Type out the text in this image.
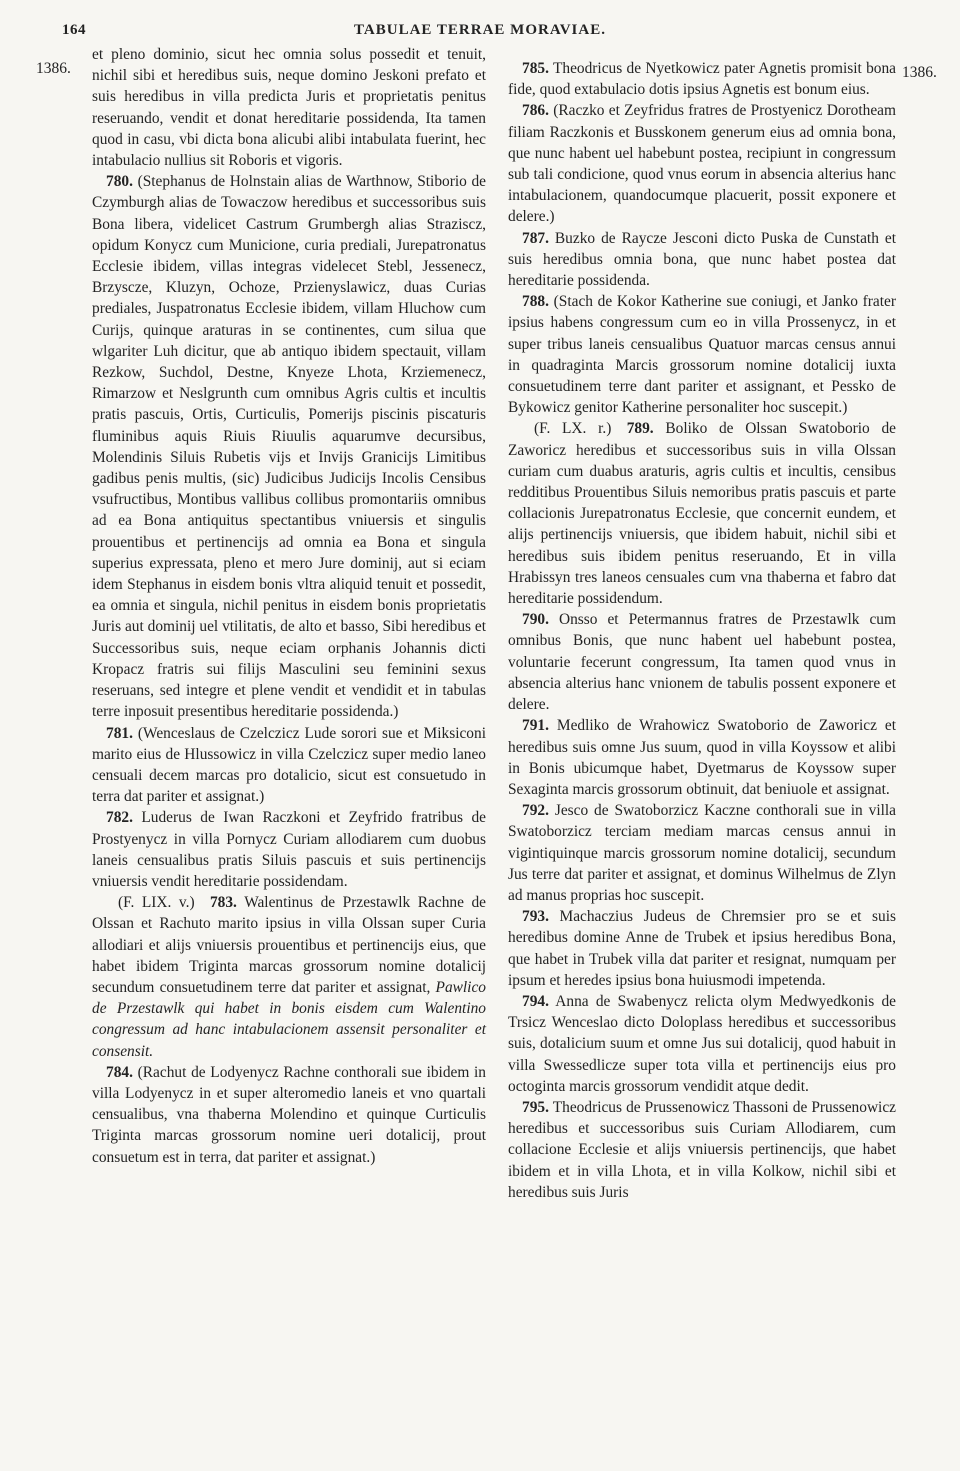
164	TABULAE TERRAE MORAVIAE.
1386.	1386.

et pleno dominio, sicut hec omnia solus possedit et tenuit, nichil sibi et heredibus suis, neque domino Jeskoni prefato et suis heredibus in villa predicta Juris et proprietatis penitus reseruando, vendit et donat hereditarie possidenda, Ita tamen quod in casu, vbi dicta bona alicubi alibi intabulata fuerint, hec intabulacio nullius sit Roboris et vigoris.

780. (Stephanus de Holnstain alias de Warthnow, Stiborio de Czymburgh alias de Towaczow heredibus et successoribus suis Bona libera, videlicet Castrum Grumbergh alias Straziscz, opidum Konycz cum Municione, curia prediali, Jurepatronatus Ecclesie ibidem, villas integras videlecet Stebl, Jessenecz, Brzyscze, Kluzyn, Ochoze, Przienyslawicz, duas Curias prediales, Juspatronatus Ecclesie ibidem, villam Hluchow cum Curijs, quinque araturas in se continentes, cum silua que wlgariter Luh dicitur, que ab antiquo ibidem spectauit, villam Rezkow, Suchdol, Destne, Knyeze Lhota, Krziemenecz, Rimarzow et Neslgrunth cum omnibus Agris cultis et incultis pratis pascuis, Ortis, Curticulis, Pomerijs piscinis piscaturis fluminibus aquis Riuis Riuulis aquarumve decursibus, Molendinis Siluis Rubetis vijs et Invijs Granicijs Limitibus gadibus penis multis, (sic) Judicibus Judicijs Incolis Censibus vsufructibus, Montibus vallibus collibus promontariis omnibus ad ea Bona antiquitus spectantibus vniuersis et singulis prouentibus et pertinencijs ad omnia ea Bona et singula superius expressata, pleno et mero Jure dominij, aut si eciam idem Stephanus in eisdem bonis vltra aliquid tenuit et possedit, ea omnia et singula, nichil penitus in eisdem bonis proprietatis Juris aut dominij uel vtilitatis, de alto et basso, Sibi heredibus et Successoribus suis, neque eciam orphanis Johannis dicti Kropacz fratris sui filijs Masculini seu feminini sexus reseruans, sed integre et plene vendit et vendidit et in tabulas terre inposuit presentibus hereditarie possidenda.)

781. (Wenceslaus de Czelczicz Lude sorori sue et Miksiconi marito eius de Hlussowicz in villa Czelczicz super medio laneo censuali decem marcas pro dotalicio, sicut est consuetudo in terra dat pariter et assignat.)

782. Luderus de Iwan Raczkoni et Zeyfrido fratribus de Prostyenycz in villa Pornycz Curiam allodiarem cum duobus laneis censualibus pratis Siluis pascuis et suis pertinencijs vniuersis vendit hereditarie possidendam.

(F. LIX. v.)  783. Walentinus de Przestawlk Rachne de Olssan et Rachuto marito ipsius in villa Olssan super Curia allodiari et alijs vniuersis prouentibus et pertinencijs eius, que habet ibidem Triginta marcas grossorum nomine dotalicij secundum consuetudinem terre dat pariter et assignat, Pawlico de Przestawlk qui habet in bonis eisdem cum Walentino congressum ad hanc intabulacionem assensit personaliter et consensit.

784. (Rachut de Lodyenycz Rachne conthorali sue ibidem in villa Lodyenycz in et super alteromedio laneis et vno quartali censualibus, vna thaberna Molendino et quinque Curticulis Triginta marcas grossorum nomine ueri dotalicij, prout consuetum est in terra, dat pariter et assignat.)

785. Theodricus de Nyetkowicz pater Agnetis promisit bona fide, quod extabulacio dotis ipsius Agnetis est bonum eius.

786. (Raczko et Zeyfridus fratres de Prostyenicz Dorotheam filiam Raczkonis et Busskonem generum eius ad omnia bona, que nunc habent uel habebunt postea, recipiunt in congressum sub tali condicione, quod vnus eorum in absencia alterius hanc intabulacionem, quandocumque placuerit, possit exponere et delere.)

787. Buzko de Raycze Jesconi dicto Puska de Cunstath et suis heredibus omnia bona, que nunc habet postea dat hereditarie possidenda.

788. (Stach de Kokor Katherine sue coniugi, et Janko frater ipsius habens congressum cum eo in villa Prossenycz, in et super tribus laneis censualibus Quatuor marcas census annui in quadraginta Marcis grossorum nomine dotalicij iuxta consuetudinem terre dant pariter et assignant, et Pessko de Bykowicz genitor Katherine personaliter hoc suscepit.)

(F. LX. r.)  789. Boliko de Olssan Swatoborio de Zaworicz heredibus et successoribus suis in villa Olssan curiam cum duabus araturis, agris cultis et incultis, censibus redditibus Prouentibus Siluis nemoribus pratis pascuis et parte collacionis Jurepatronatus Ecclesie, que concernit eundem, et alijs pertinencijs vniuersis, que ibidem habuit, nichil sibi et heredibus suis ibidem penitus reseruando, Et in villa Hrabissyn tres laneos censuales cum vna thaberna et fabro dat hereditarie possidendum.

790. Onsso et Petermannus fratres de Przestawlk cum omnibus Bonis, que nunc habent uel habebunt postea, voluntarie fecerunt congressum, Ita tamen quod vnus in absencia alterius hanc vnionem de tabulis possent exponere et delere.

791. Medliko de Wrahowicz Swatoborio de Zaworicz et heredibus suis omne Jus suum, quod in villa Koyssow et alibi in Bonis ubicumque habet, Dyetmarus de Koyssow super Sexaginta marcis grossorum obtinuit, dat beniuole et assignat.

792. Jesco de Swatoborzicz Kaczne conthorali sue in villa Swatoborzicz terciam mediam marcas census annui in vigintiquinque marcis grossorum nomine dotalicij, secundum Jus terre dat pariter et assignat, et dominus Wilhelmus de Zlyn ad manus proprias hoc suscepit.

793. Machaczius Judeus de Chremsier pro se et suis heredibus domine Anne de Trubek et ipsius heredibus Bona, que habet in Trubek villa dat pariter et resignat, numquam per ipsum et heredes ipsius bona huiusmodi impetenda.

794. Anna de Swabenycz relicta olym Medwyedkonis de Trsicz Wenceslao dicto Doloplass heredibus et successoribus suis, dotalicium suum et omne Jus sui dotalicij, quod habuit in villa Swessedlicze super tota villa et pertinencijs eius pro octoginta marcis grossorum vendidit atque dedit.

795. Theodricus de Prussenowicz Thassoni de Prussenowicz heredibus et successoribus suis Curiam Allodiarem, cum collacione Ecclesie et alijs vniuersis pertinencijs, que habet ibidem et in villa Lhota, et in villa Kolkow, nichil sibi et heredibus suis Juris
